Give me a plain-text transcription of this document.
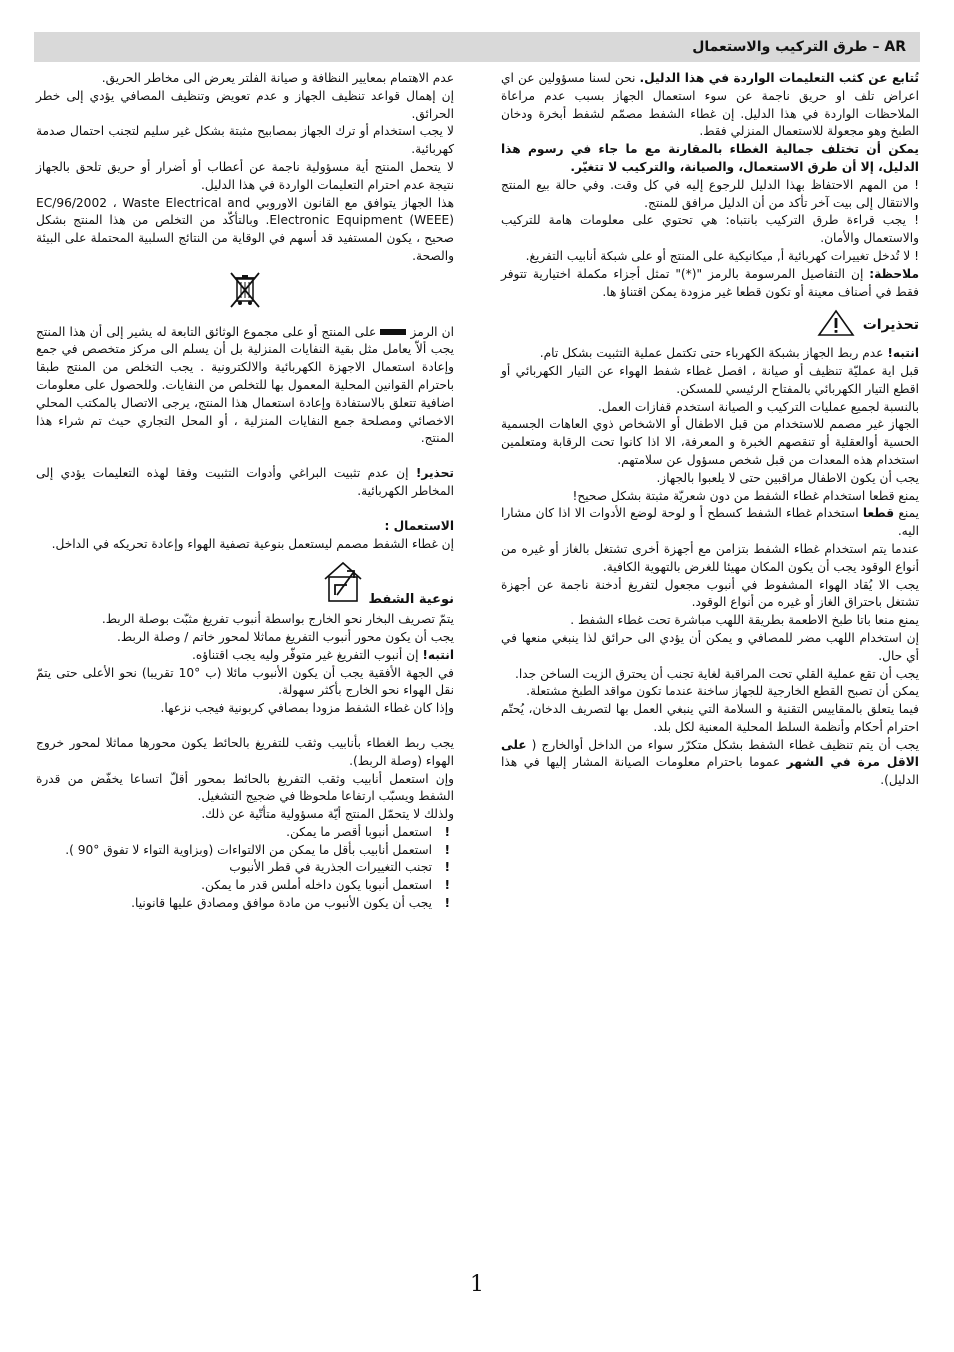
AR – طرق التركيب والاستعمال

تُتابع عن كثب التعليمات الواردة في هذا الدليل. نحن لسنا مسؤولين عن اي اعراض تلف او حريق ناجمة عن سوء استعمال الجهاز بسبب عدم مراعاة الملاحظات الواردة في هذا الدليل. إن غطاء الشفط مصمّم لشفط أبخرة ودخان الطبخ وهو مجعولة للاستعمال المنزلي فقط.

يمكن أن تختلف جمالية الغطاء بالمقارنة مع ما جاء في رسوم هذا الدليل، إلا أن طرق الاستعمال، والصيانة، والتركيب لا تتغيّر.

! من المهم الاحتفاظ بهذا الدليل للرجوع إليه في كل وقت. وفي حالة بيع المنتج والانتقال إلى بيت آخر تأكد من أن الدليل مرافق للمنتج.

! يجب قراءة طرق التركيب بانتباه: هي تحتوي على معلومات هامة للتركيب والاستعمال والأمان.

! لا تُدخل تغييرات كهربائية أ, ميكانيكية على المنتج أو على شبكة أنابيب التفريغ.

ملاحظة: إن التفاصيل المرسومة بالرمز "(*)" تمثل أجزاء مكملة اختيارية تتوفر فقط في أصناف معينة أو تكون قطعا غير مزودة يمكن اقتناؤ ها.

تحذيرات

انتبه! عدم ربط الجهاز بشبكة الكهرباء حتى تكتمل عملية التثبيت بشكل تام.

قبل اية عمليّة تنظيف أو صيانة ، افصل غطاء شفط الهواء عن التيار الكهربائي أو اقطع التيار الكهربائي بالمفتاح الرئيسي للمسكن.

بالنسبة لجميع عمليات التركيب و الصيانة استخدم قفازات العمل.

الجهاز غير مصمم للاستخدام من قبل الاطفال أو الاشخاص ذوي العاهات الجسمية الحسية أوالعقلية أو تنقصهم الخبرة و المعرفة، الا اذا كانوا تحت الرقابة ومتعلمين استخدام هذه المعدات من قبل شخص مسؤول عن سلامتهم.

يجب أن يكون الاطفال مراقبين حتى لا يلعبوا بالجهاز.

يمنع قطعا استخدام غطاء الشفط من دون شعريّة مثبتة بشكل صحيح!

يمنع قطعا استخدام غطاء الشفط كسطح أ و لوحة لوضع الأدوات الا اذا كان مشارا اليه.

عندما يتم استخدام غطاء الشفط بتزامن مع أجهزة أخرى تشتغل بالغاز أو غيره من أنواع الوقود يجب أن يكون المكان مهيئا للغرض بالتهوية الكافية.

يجب الا يُقاد الهواء المشفوط في أنبوب مجعول لتفريغ أدخنة ناجمة عن أجهزة تشتغل باحتراق الغاز أو غيره من أنواع الوقود.

يمنع منعا باتا طبخ الاطعمة بطريقة اللهب مباشرة تحت غطاء الشفط .

إن استخدام اللهب مضر للمصافي و يمكن أن يؤدي الى حرائق لذا ينبغي منعها في أي حال.

يجب أن تقع عملية القلي تحت المراقبة لغاية تجنب أن يحترق الزيت الساخن جدا.

يمكن أن تصبح القطع الخارجية للجهاز ساخنة عندما تكون مواقد الطبخ مشتعلة.

فيما يتعلق بالمقاييس التقنية و السلامة التي ينبغي العمل بها لتصريف الدخان، يُحتّم احترام أحكام وأنظمة السلط المحلية المعنية لكل بلد.

يجب أن يتم تنظيف غطاء الشفط بشكل متكرّر سواء من الداخل أوالخارج ( على الاقل مرة في الشهر عموما باحترام معلومات الصيانة المشار إليها في هذا الدليل).

عدم الاهتمام بمعايير النظافة و صيانة الفلتر يعرض الى مخاطر الحريق.

إن إهمال قواعد تنظيف الجهاز و عدم تعويض وتنظيف المصافي يؤدي إلى خطر الحرائق.

لا يجب استخدام أو ترك الجهاز بمصابيح مثبتة بشكل غير سليم لتجنب احتمال صدمة كهربائية.

لا يتحمل المنتج أية مسؤولية ناجمة عن أعطاب أو أضرار أو حريق تلحق بالجهاز نتيجة عدم احترام التعليمات الواردة في هذا الدليل.

هذا الجهاز يتوافق مع القانون الاوروبي EC/96/2002 ، Waste Electrical and Electronic Equipment (WEEE). وبالتأكّد من التخلص من هذا المنتج بشكل صحيح ، يكون المستفيد قد أسهم في الوقاية من النتائج السلبية المحتملة على البيئة والصحة.

ان الرمز  على المنتج أو على مجموع الوثائق التابعة له يشير إلى أن هذا المنتج يجب ألاّ يعامل مثل بقية النفايات المنزلية بل أن يسلم الى مركز متخصص في جمع وإعادة استعمال الاجهزة الكهربائية والالكترونية . يجب التخلص من المنتج طبقا باحترام القوانين المحلية المعمول بها للتخلص من النفايات. وللحصول على معلومات اضافية تتعلق بالاستفادة وإعادة استعمال هذا المنتج، يرجى الاتصال بالمكتب المحلي الاخصائي ومصلحة جمع النفايات المنزلية ، أو المحل التجاري حيث تم شراء هذا المنتج.

تحذير! إن عدم تثبيت البراغي وأدوات التثبيت وفقا لهذه التعليمات يؤدي إلى المخاطر الكهربائية.

الاستعمال :

إن غطاء الشفط مصمم ليستعمل بنوعية تصفية الهواء وإعادة تحريكه في الداخل.

نوعية الشفط

يتمّ تصريف البخار نحو الخارج بواسطة أنبوب تفريغ مثبّت بوصلة الربط.

يجب أن يكون محور أنبوب التفريغ مماثلا لمحور خاتم / وصلة الربط.

انتبه! إن أنبوب التفريغ غير متوفّر وليه يجب اقتناؤه.

في الجهة الأفقية يجب أن يكون الأنبوب مائلا (ب °10 تقريبا) نحو الأعلى حتى يتمّ نقل الهواء نحو الخارج بأكثر سهولة.

وإذا كان غطاء الشفط مزودا بمصافي كربونية فيجب نزعها.

يجب ربط الغطاء بأنابيب وثقب للتفريغ بالحائط يكون محورها مماثلا لمحور خروج الهواء (وصلة الربط).

وإن استعمل أنابيب وثقب التفريغ بالحائط بمحور أقلّ اتساعا يخفّض من قدرة الشفط ويسبّب ارتفاعا ملحوظا في ضجيج التشغيل.

ولذلك لا يتحمّل المنتج أيّة مسؤولية متأتّية عن ذلك.

!
استعمل أنبوبا أقصر ما يمكن.
!
استعمل أنابيب بأقل ما يمكن من الالتواءات (وبزاوية التواء لا تفوق °90 ).
!
تجنب التغييرات الجذرية في قطر الأنبوب
!
استعمل أنبوبا يكون داخله أملس قدر ما يمكن.
!
يجب أن يكون الأنبوب من مادة موافق ومصادق عليها قانونيا.
1
